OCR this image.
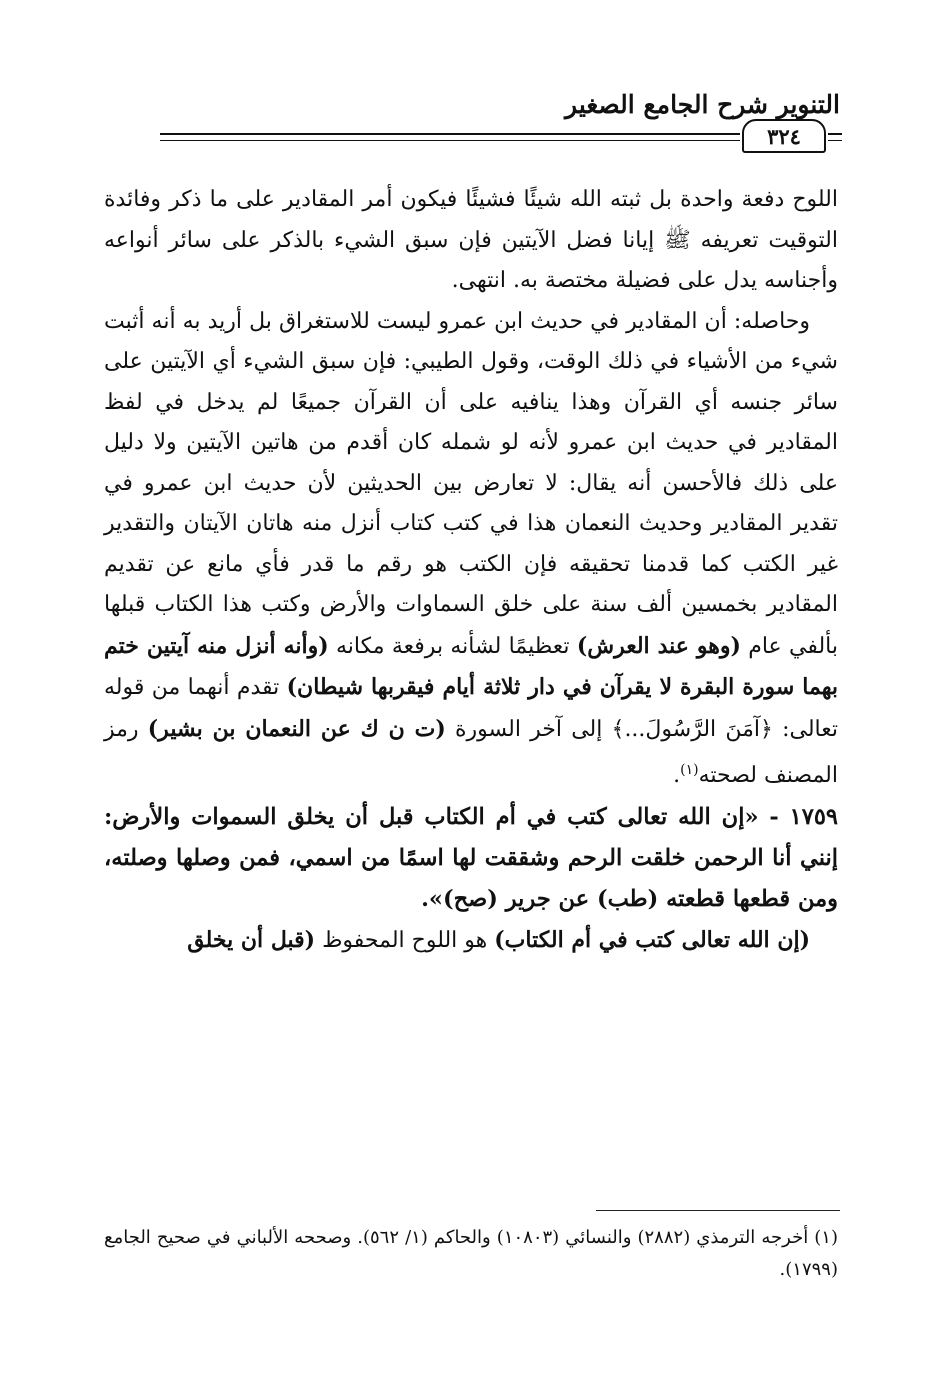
التنوير شرح الجامع الصغير
٣٢٤

اللوح دفعة واحدة بل ثبته الله شيئًا فشيئًا فيكون أمر المقادير على ما ذكر وفائدة التوقيت تعريفه ﷺ إيانا فضل الآيتين فإن سبق الشيء بالذكر على سائر أنواعه وأجناسه يدل على فضيلة مختصة به. انتهى.

وحاصله: أن المقادير في حديث ابن عمرو ليست للاستغراق بل أريد به أنه أثبت شيء من الأشياء في ذلك الوقت، وقول الطيبي: فإن سبق الشيء أي الآيتين على سائر جنسه أي القرآن وهذا ينافيه على أن القرآن جميعًا لم يدخل في لفظ المقادير في حديث ابن عمرو لأنه لو شمله كان أقدم من هاتين الآيتين ولا دليل على ذلك فالأحسن أنه يقال: لا تعارض بين الحديثين لأن حديث ابن عمرو في تقدير المقادير وحديث النعمان هذا في كتب كتاب أنزل منه هاتان الآيتان والتقدير غير الكتب كما قدمنا تحقيقه فإن الكتب هو رقم ما قدر فأي مانع عن تقديم المقادير بخمسين ألف سنة على خلق السماوات والأرض وكتب هذا الكتاب قبلها بألفي عام (وهو عند العرش) تعظيمًا لشأنه برفعة مكانه (وأنه أنزل منه آيتين ختم بهما سورة البقرة لا يقرآن في دار ثلاثة أيام فيقربها شيطان) تقدم أنهما من قوله تعالى: ﴿آمَنَ الرَّسُولَ...﴾ إلى آخر السورة (ت ن ك عن النعمان بن بشير) رمز المصنف لصحته$^{(١)}$.

١٧٥٩ - «إن الله تعالى كتب في أم الكتاب قبل أن يخلق السموات والأرض: إنني أنا الرحمن خلقت الرحم وشققت لها اسمًا من اسمي، فمن وصلها وصلته، ومن قطعها قطعته (طب) عن جرير (صح)».

(إن الله تعالى كتب في أم الكتاب) هو اللوح المحفوظ (قبل أن يخلق

(١) أخرجه الترمذي (٢٨٨٢) والنسائي (١٠٨٠٣) والحاكم (١/ ٥٦٢). وصححه الألباني في صحيح الجامع (١٧٩٩).
